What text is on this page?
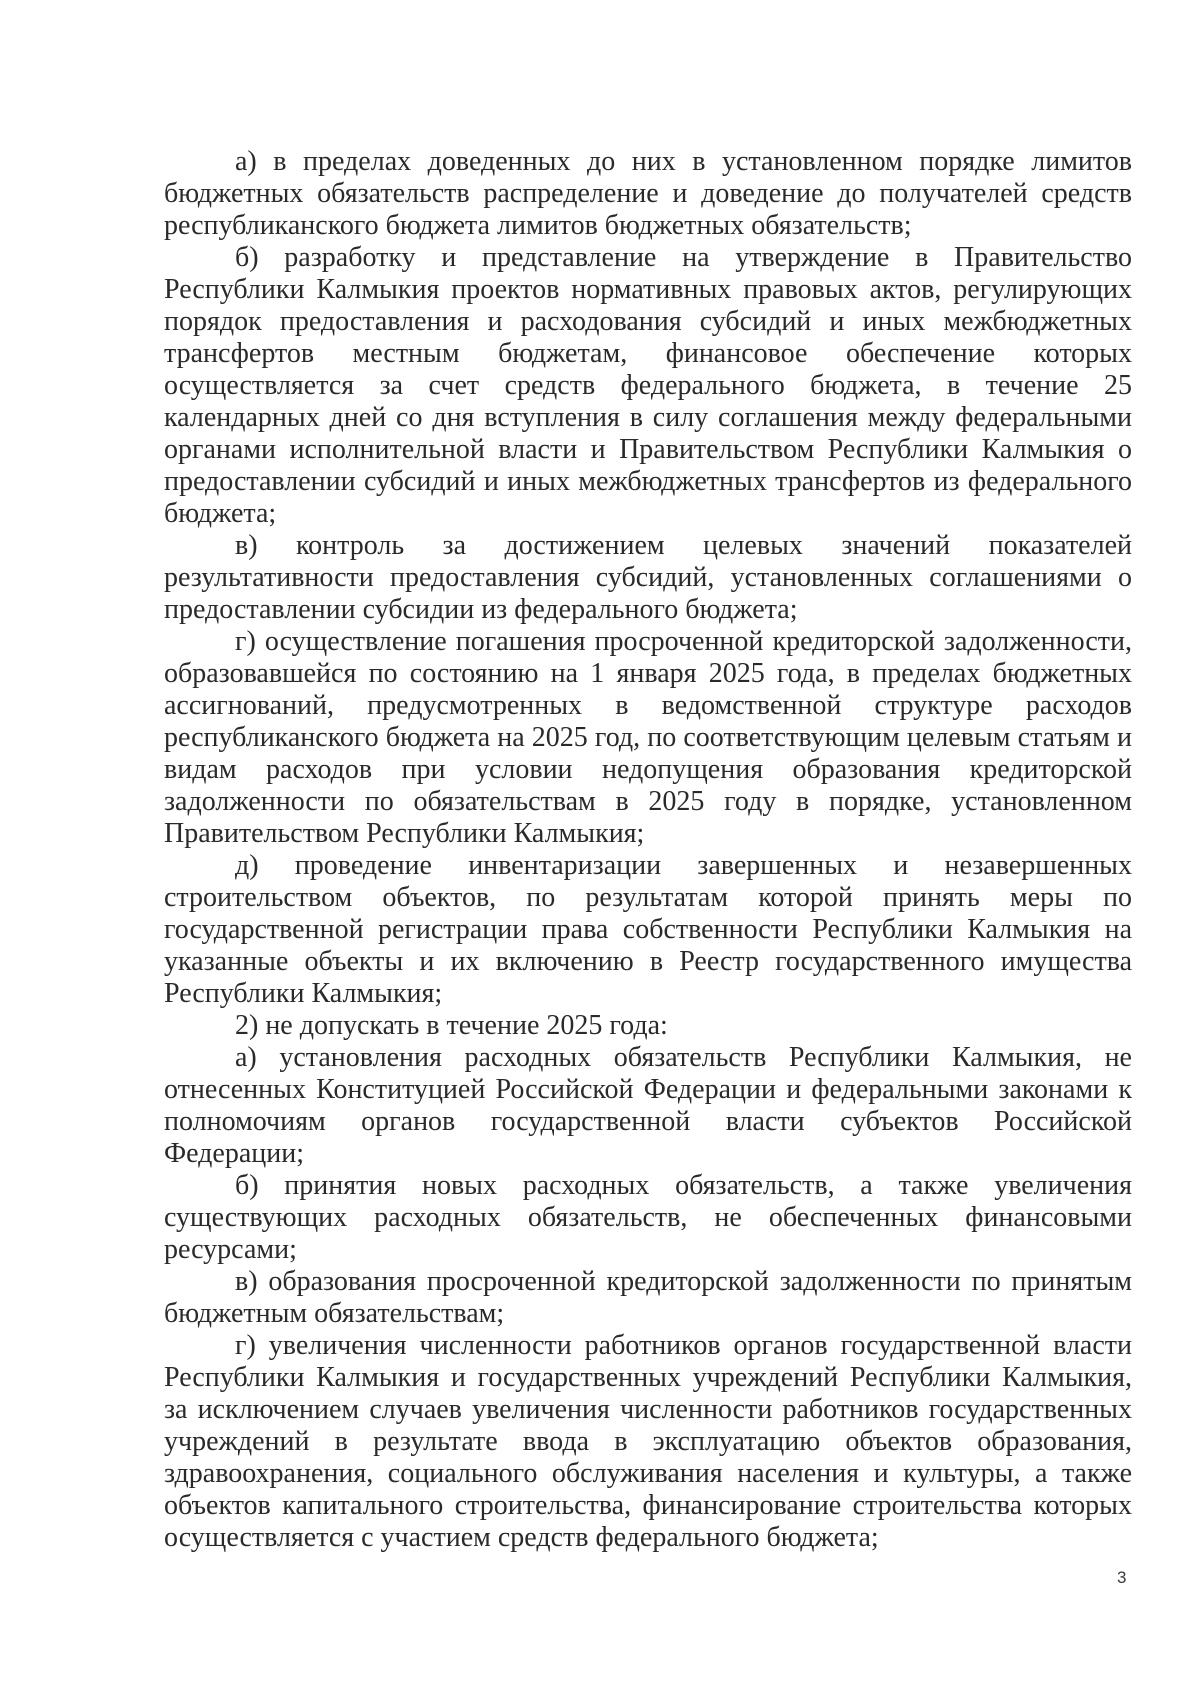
а) в пределах доведенных до них в установленном порядке лимитов бюджетных обязательств распределение и доведение до получателей средств республиканского бюджета лимитов бюджетных обязательств;

б) разработку и представление на утверждение в Правительство Республики Калмыкия проектов нормативных правовых актов, регулирующих порядок предоставления и расходования субсидий и иных межбюджетных трансфертов местным бюджетам, финансовое обеспечение которых осуществляется за счет средств федерального бюджета, в течение 25 календарных дней со дня вступления в силу соглашения между федеральными органами исполнительной власти и Правительством Республики Калмыкия о предоставлении субсидий и иных межбюджетных трансфертов из федерального бюджета;

в) контроль за достижением целевых значений показателей результативности предоставления субсидий, установленных соглашениями о предоставлении субсидии из федерального бюджета;

г) осуществление погашения просроченной кредиторской задолженности, образовавшейся по состоянию на 1 января 2025 года, в пределах бюджетных ассигнований, предусмотренных в ведомственной структуре расходов республиканского бюджета на 2025 год, по соответствующим целевым статьям и видам расходов при условии недопущения образования кредиторской задолженности по обязательствам в 2025 году в порядке, установленном Правительством Республики Калмыкия;

д) проведение инвентаризации завершенных и незавершенных строительством объектов, по результатам которой принять меры по государственной регистрации права собственности Республики Калмыкия на указанные объекты и их включению в Реестр государственного имущества Республики Калмыкия;

2) не допускать в течение 2025 года:

а) установления расходных обязательств Республики Калмыкия, не отнесенных Конституцией Российской Федерации и федеральными законами к полномочиям органов государственной власти субъектов Российской Федерации;

б) принятия новых расходных обязательств, а также увеличения существующих расходных обязательств, не обеспеченных финансовыми ресурсами;

в) образования просроченной кредиторской задолженности по принятым бюджетным обязательствам;

г) увеличения численности работников органов государственной власти Республики Калмыкия и государственных учреждений Республики Калмыкия, за исключением случаев увеличения численности работников государственных учреждений в результате ввода в эксплуатацию объектов образования, здравоохранения, социального обслуживания населения и культуры, а также объектов капитального строительства, финансирование строительства которых осуществляется с участием средств федерального бюджета;

3
